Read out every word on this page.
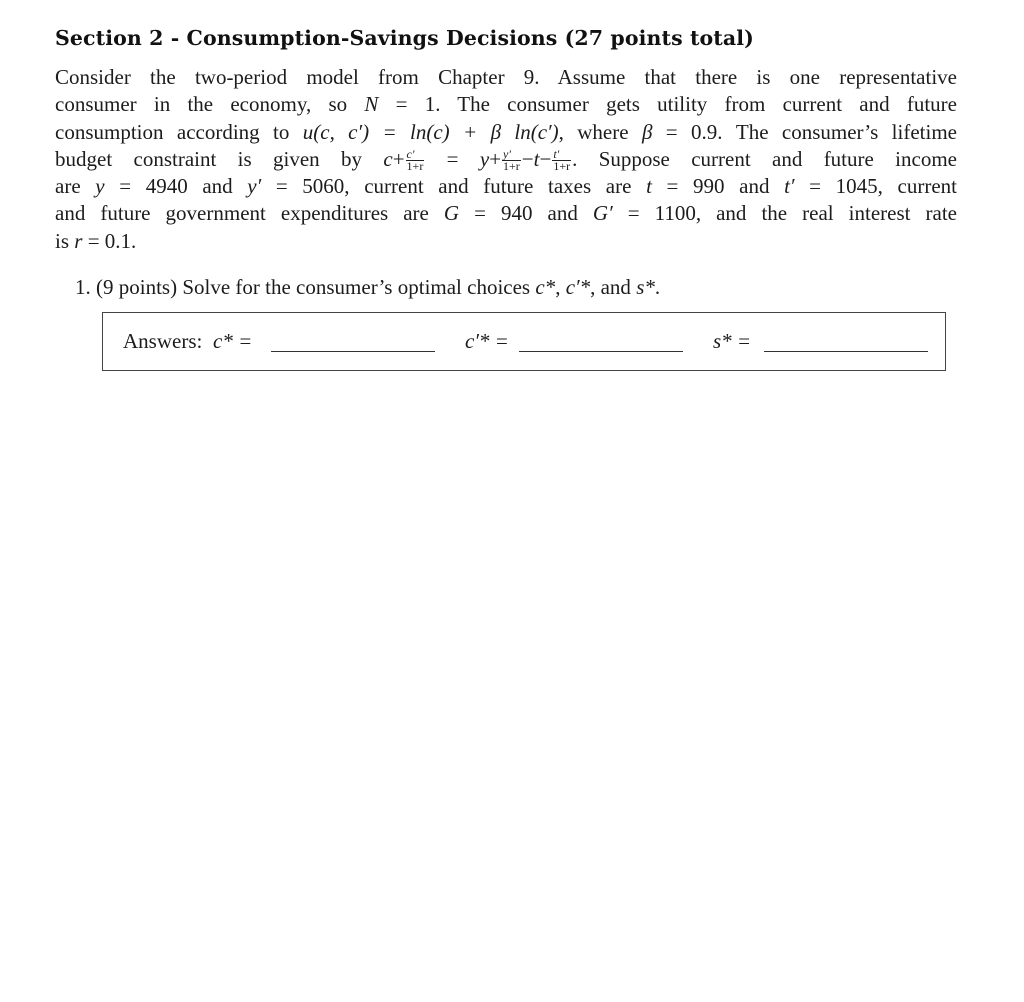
Section 2 - Consumption-Savings Decisions (27 points total)
Consider the two-period model from Chapter 9. Assume that there is one representative
consumer in the economy, so N = 1. The consumer gets utility from current and future
consumption according to u(c, c′) = ln(c) + β ln(c′), where β = 0.9. The consumer’s lifetime
budget constraint is given by $c+ \frac{c'}{1+r} = y+ \frac{y'}{1+r} -t- \frac{t'}{1+r}$ . Suppose current and future income
are y = 4940 and y′ = 5060, current and future taxes are t = 990 and t′ = 1045, current
and future government expenditures are G = 940 and G′ = 1100, and the real interest rate
is r = 0.1.
1. (9 points) Solve for the consumer’s optimal choices c*, c′*, and s*.
Answers: c* =	c′* =	s* =
